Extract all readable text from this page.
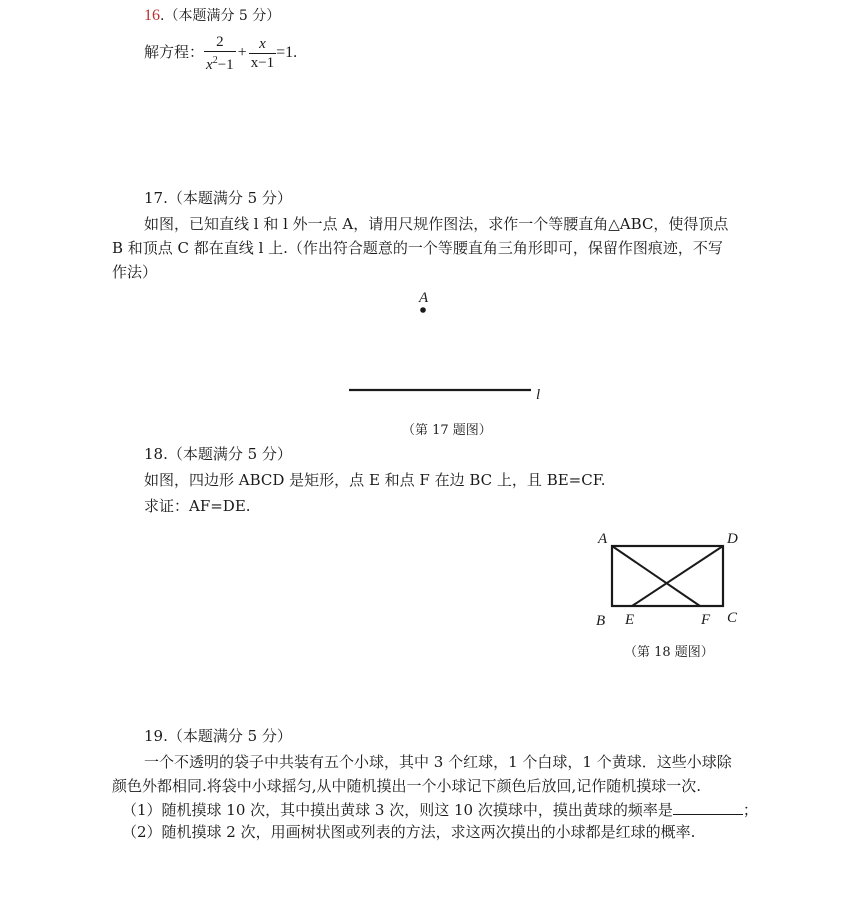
16.（本题满分 5 分）
解方程： $\frac{2}{x^2-1} + \frac{x}{x-1} =1$.
17.（本题满分 5 分）
如图，已知直线 l 和 l 外一点 A，请用尺规作图法，求作一个等腰直角△ABC，使得顶点
B 和顶点 C 都在直线 l 上.（作出符合题意的一个等腰直角三角形即可，保留作图痕迹，不写
作法）
A
l
A	D
B E	F C
（第 17 题图）
18.（本题满分 5 分）
如图，四边形 ABCD 是矩形，点 E 和点 F 在边 BC 上，且 BE=CF.
求证：AF=DE.
（第 18 题图）
19.（本题满分 5 分）
一个不透明的袋子中共装有五个小球，其中 3 个红球，1 个白球，1 个黄球．这些小球除
颜色外都相同.将袋中小球摇匀,从中随机摸出一个小球记下颜色后放回,记作随机摸球一次.
（1）随机摸球 10 次，其中摸出黄球 3 次，则这 10 次摸球中，摸出黄球的频率是	；
（2）随机摸球 2 次，用画树状图或列表的方法，求这两次摸出的小球都是红球的概率.
